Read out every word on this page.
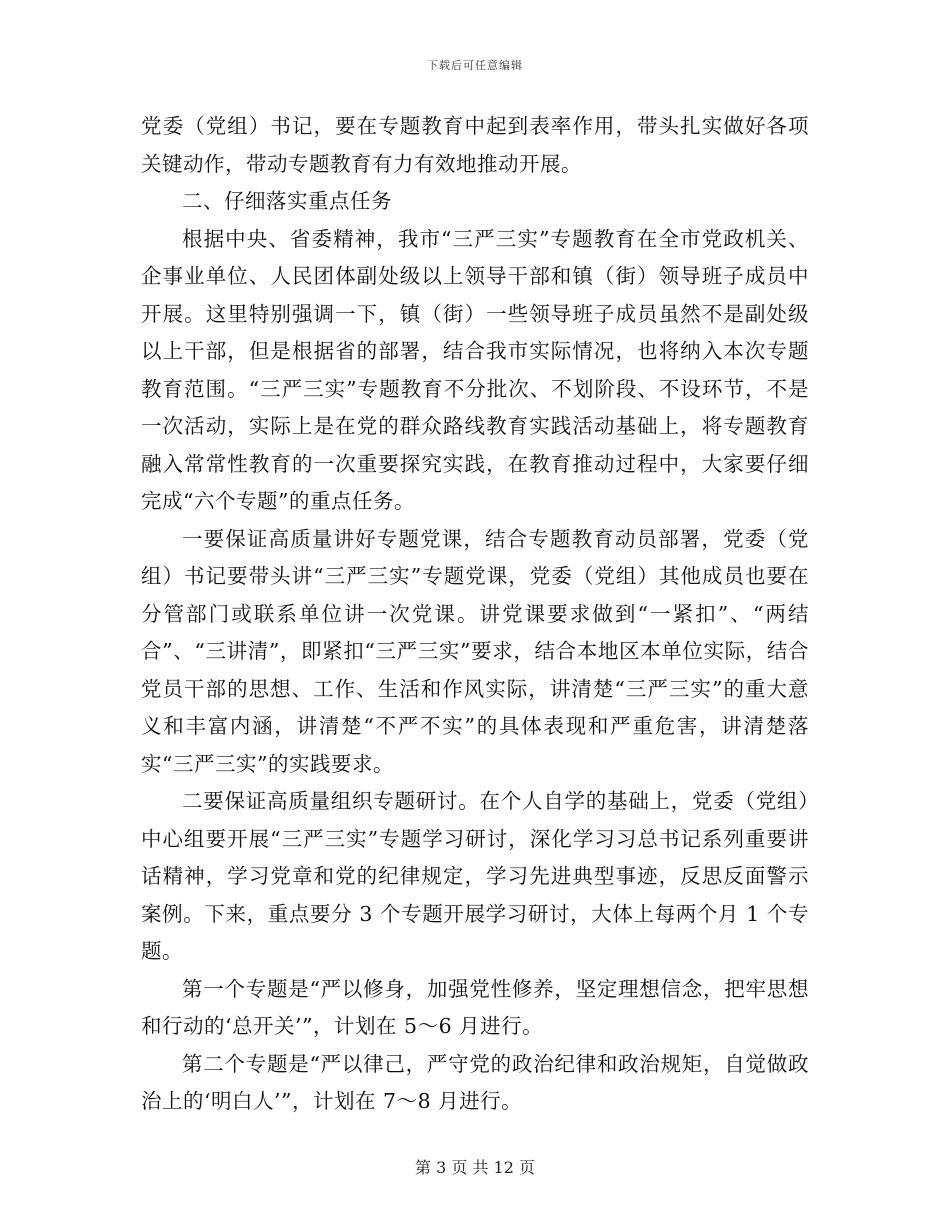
下载后可任意编辑

党委（党组）书记，要在专题教育中起到表率作用，带头扎实做好各项关键动作，带动专题教育有力有效地推动开展。

二、仔细落实重点任务

根据中央、省委精神，我市“三严三实”专题教育在全市党政机关、企事业单位、人民团体副处级以上领导干部和镇（街）领导班子成员中开展。这里特别强调一下，镇（街）一些领导班子成员虽然不是副处级以上干部，但是根据省的部署，结合我市实际情况，也将纳入本次专题教育范围。“三严三实”专题教育不分批次、不划阶段、不设环节，不是一次活动，实际上是在党的群众路线教育实践活动基础上，将专题教育融入常常性教育的一次重要探究实践，在教育推动过程中，大家要仔细完成“六个专题”的重点任务。

一要保证高质量讲好专题党课，结合专题教育动员部署，党委（党组）书记要带头讲“三严三实”专题党课，党委（党组）其他成员也要在分管部门或联系单位讲一次党课。讲党课要求做到“一紧扣”、“两结合”、“三讲清”，即紧扣“三严三实”要求，结合本地区本单位实际，结合党员干部的思想、工作、生活和作风实际，讲清楚“三严三实”的重大意义和丰富内涵，讲清楚“不严不实”的具体表现和严重危害，讲清楚落实“三严三实”的实践要求。

二要保证高质量组织专题研讨。在个人自学的基础上，党委（党组）中心组要开展“三严三实”专题学习研讨，深化学习习总书记系列重要讲话精神，学习党章和党的纪律规定，学习先进典型事迹，反思反面警示案例。下来，重点要分 3 个专题开展学习研讨，大体上每两个月 1 个专题。

第一个专题是“严以修身，加强党性修养，坚定理想信念，把牢思想和行动的‘总开关’”，计划在 5～6 月进行。

第二个专题是“严以律己，严守党的政治纪律和政治规矩，自觉做政治上的‘明白人’”，计划在 7～8 月进行。

第 3 页 共 12 页
